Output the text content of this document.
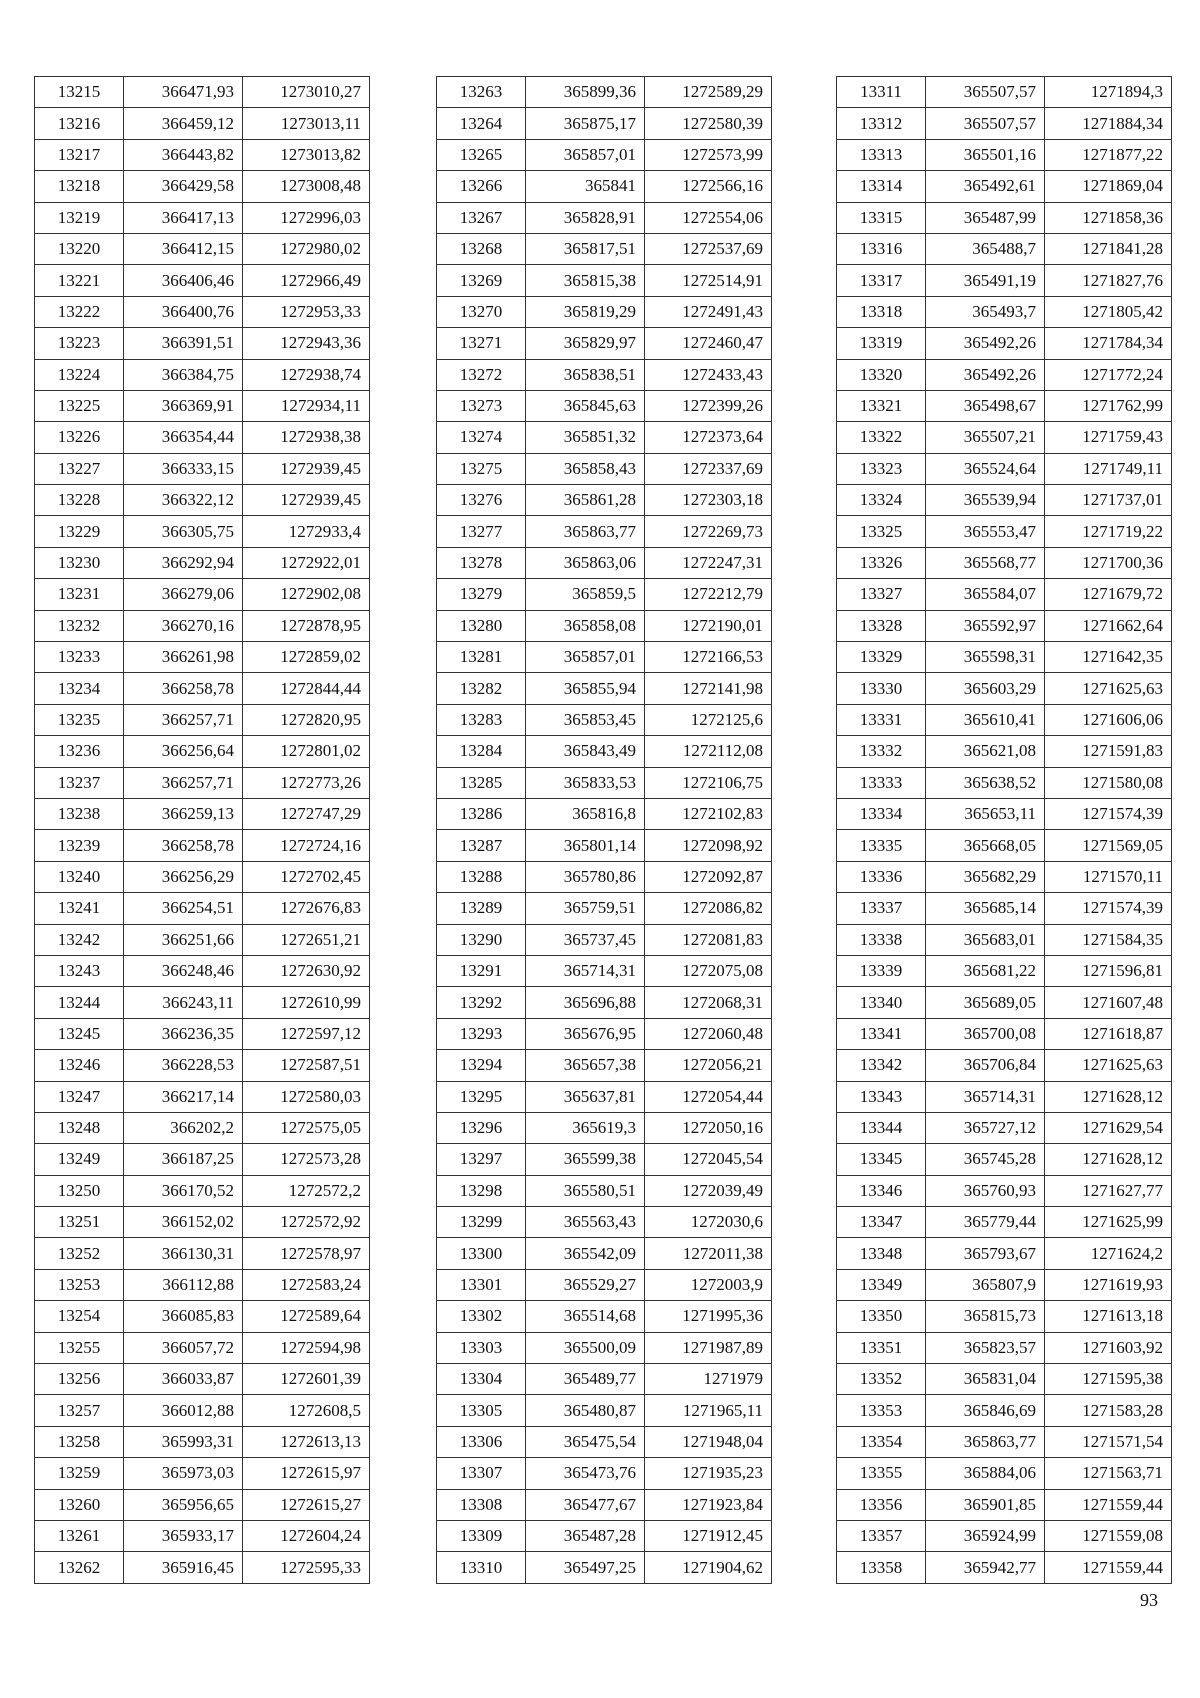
13215	366471,93	1273010,27
13216	366459,12	1273013,11
13217	366443,82	1273013,82
13218	366429,58	1273008,48
13219	366417,13	1272996,03
13220	366412,15	1272980,02
13221	366406,46	1272966,49
13222	366400,76	1272953,33
13223	366391,51	1272943,36
13224	366384,75	1272938,74
13225	366369,91	1272934,11
13226	366354,44	1272938,38
13227	366333,15	1272939,45
13228	366322,12	1272939,45
13229	366305,75	1272933,4
13230	366292,94	1272922,01
13231	366279,06	1272902,08
13232	366270,16	1272878,95
13233	366261,98	1272859,02
13234	366258,78	1272844,44
13235	366257,71	1272820,95
13236	366256,64	1272801,02
13237	366257,71	1272773,26
13238	366259,13	1272747,29
13239	366258,78	1272724,16
13240	366256,29	1272702,45
13241	366254,51	1272676,83
13242	366251,66	1272651,21
13243	366248,46	1272630,92
13244	366243,11	1272610,99
13245	366236,35	1272597,12
13246	366228,53	1272587,51
13247	366217,14	1272580,03
13248	366202,2	1272575,05
13249	366187,25	1272573,28
13250	366170,52	1272572,2
13251	366152,02	1272572,92
13252	366130,31	1272578,97
13253	366112,88	1272583,24
13254	366085,83	1272589,64
13255	366057,72	1272594,98
13256	366033,87	1272601,39
13257	366012,88	1272608,5
13258	365993,31	1272613,13
13259	365973,03	1272615,97
13260	365956,65	1272615,27
13261	365933,17	1272604,24
13262	365916,45	1272595,33
13263	365899,36	1272589,29
13264	365875,17	1272580,39
13265	365857,01	1272573,99
13266	365841	1272566,16
13267	365828,91	1272554,06
13268	365817,51	1272537,69
13269	365815,38	1272514,91
13270	365819,29	1272491,43
13271	365829,97	1272460,47
13272	365838,51	1272433,43
13273	365845,63	1272399,26
13274	365851,32	1272373,64
13275	365858,43	1272337,69
13276	365861,28	1272303,18
13277	365863,77	1272269,73
13278	365863,06	1272247,31
13279	365859,5	1272212,79
13280	365858,08	1272190,01
13281	365857,01	1272166,53
13282	365855,94	1272141,98
13283	365853,45	1272125,6
13284	365843,49	1272112,08
13285	365833,53	1272106,75
13286	365816,8	1272102,83
13287	365801,14	1272098,92
13288	365780,86	1272092,87
13289	365759,51	1272086,82
13290	365737,45	1272081,83
13291	365714,31	1272075,08
13292	365696,88	1272068,31
13293	365676,95	1272060,48
13294	365657,38	1272056,21
13295	365637,81	1272054,44
13296	365619,3	1272050,16
13297	365599,38	1272045,54
13298	365580,51	1272039,49
13299	365563,43	1272030,6
13300	365542,09	1272011,38
13301	365529,27	1272003,9
13302	365514,68	1271995,36
13303	365500,09	1271987,89
13304	365489,77	1271979
13305	365480,87	1271965,11
13306	365475,54	1271948,04
13307	365473,76	1271935,23
13308	365477,67	1271923,84
13309	365487,28	1271912,45
13310	365497,25	1271904,62
13311	365507,57	1271894,3
13312	365507,57	1271884,34
13313	365501,16	1271877,22
13314	365492,61	1271869,04
13315	365487,99	1271858,36
13316	365488,7	1271841,28
13317	365491,19	1271827,76
13318	365493,7	1271805,42
13319	365492,26	1271784,34
13320	365492,26	1271772,24
13321	365498,67	1271762,99
13322	365507,21	1271759,43
13323	365524,64	1271749,11
13324	365539,94	1271737,01
13325	365553,47	1271719,22
13326	365568,77	1271700,36
13327	365584,07	1271679,72
13328	365592,97	1271662,64
13329	365598,31	1271642,35
13330	365603,29	1271625,63
13331	365610,41	1271606,06
13332	365621,08	1271591,83
13333	365638,52	1271580,08
13334	365653,11	1271574,39
13335	365668,05	1271569,05
13336	365682,29	1271570,11
13337	365685,14	1271574,39
13338	365683,01	1271584,35
13339	365681,22	1271596,81
13340	365689,05	1271607,48
13341	365700,08	1271618,87
13342	365706,84	1271625,63
13343	365714,31	1271628,12
13344	365727,12	1271629,54
13345	365745,28	1271628,12
13346	365760,93	1271627,77
13347	365779,44	1271625,99
13348	365793,67	1271624,2
13349	365807,9	1271619,93
13350	365815,73	1271613,18
13351	365823,57	1271603,92
13352	365831,04	1271595,38
13353	365846,69	1271583,28
13354	365863,77	1271571,54
13355	365884,06	1271563,71
13356	365901,85	1271559,44
13357	365924,99	1271559,08
13358	365942,77	1271559,44
93
